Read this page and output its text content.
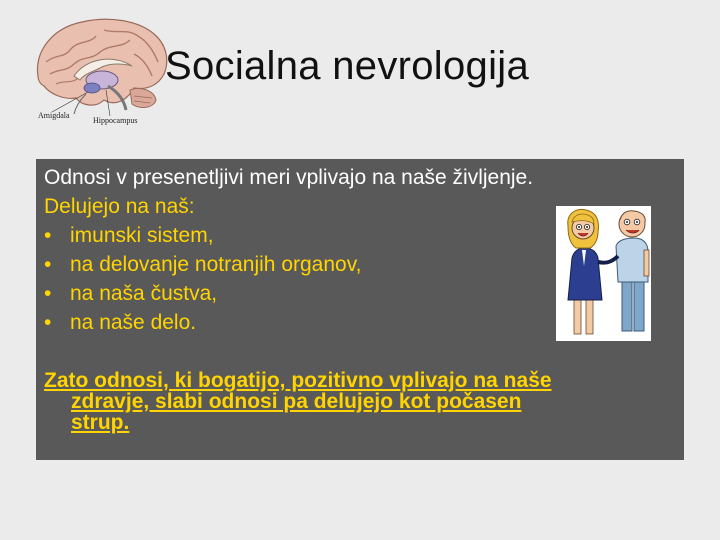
Amigdala
Hippocampus
Socialna nevrologija
Odnosi v presenetljivi meri vplivajo na naše življenje.
Delujejo na naš:
• imunski sistem,
• na delovanje notranjih organov,
• na naša čustva,
• na naše delo.
Zato odnosi, ki bogatijo, pozitivno vplivajo na naše
zdravje, slabi odnosi pa delujejo kot počasen
strup.
